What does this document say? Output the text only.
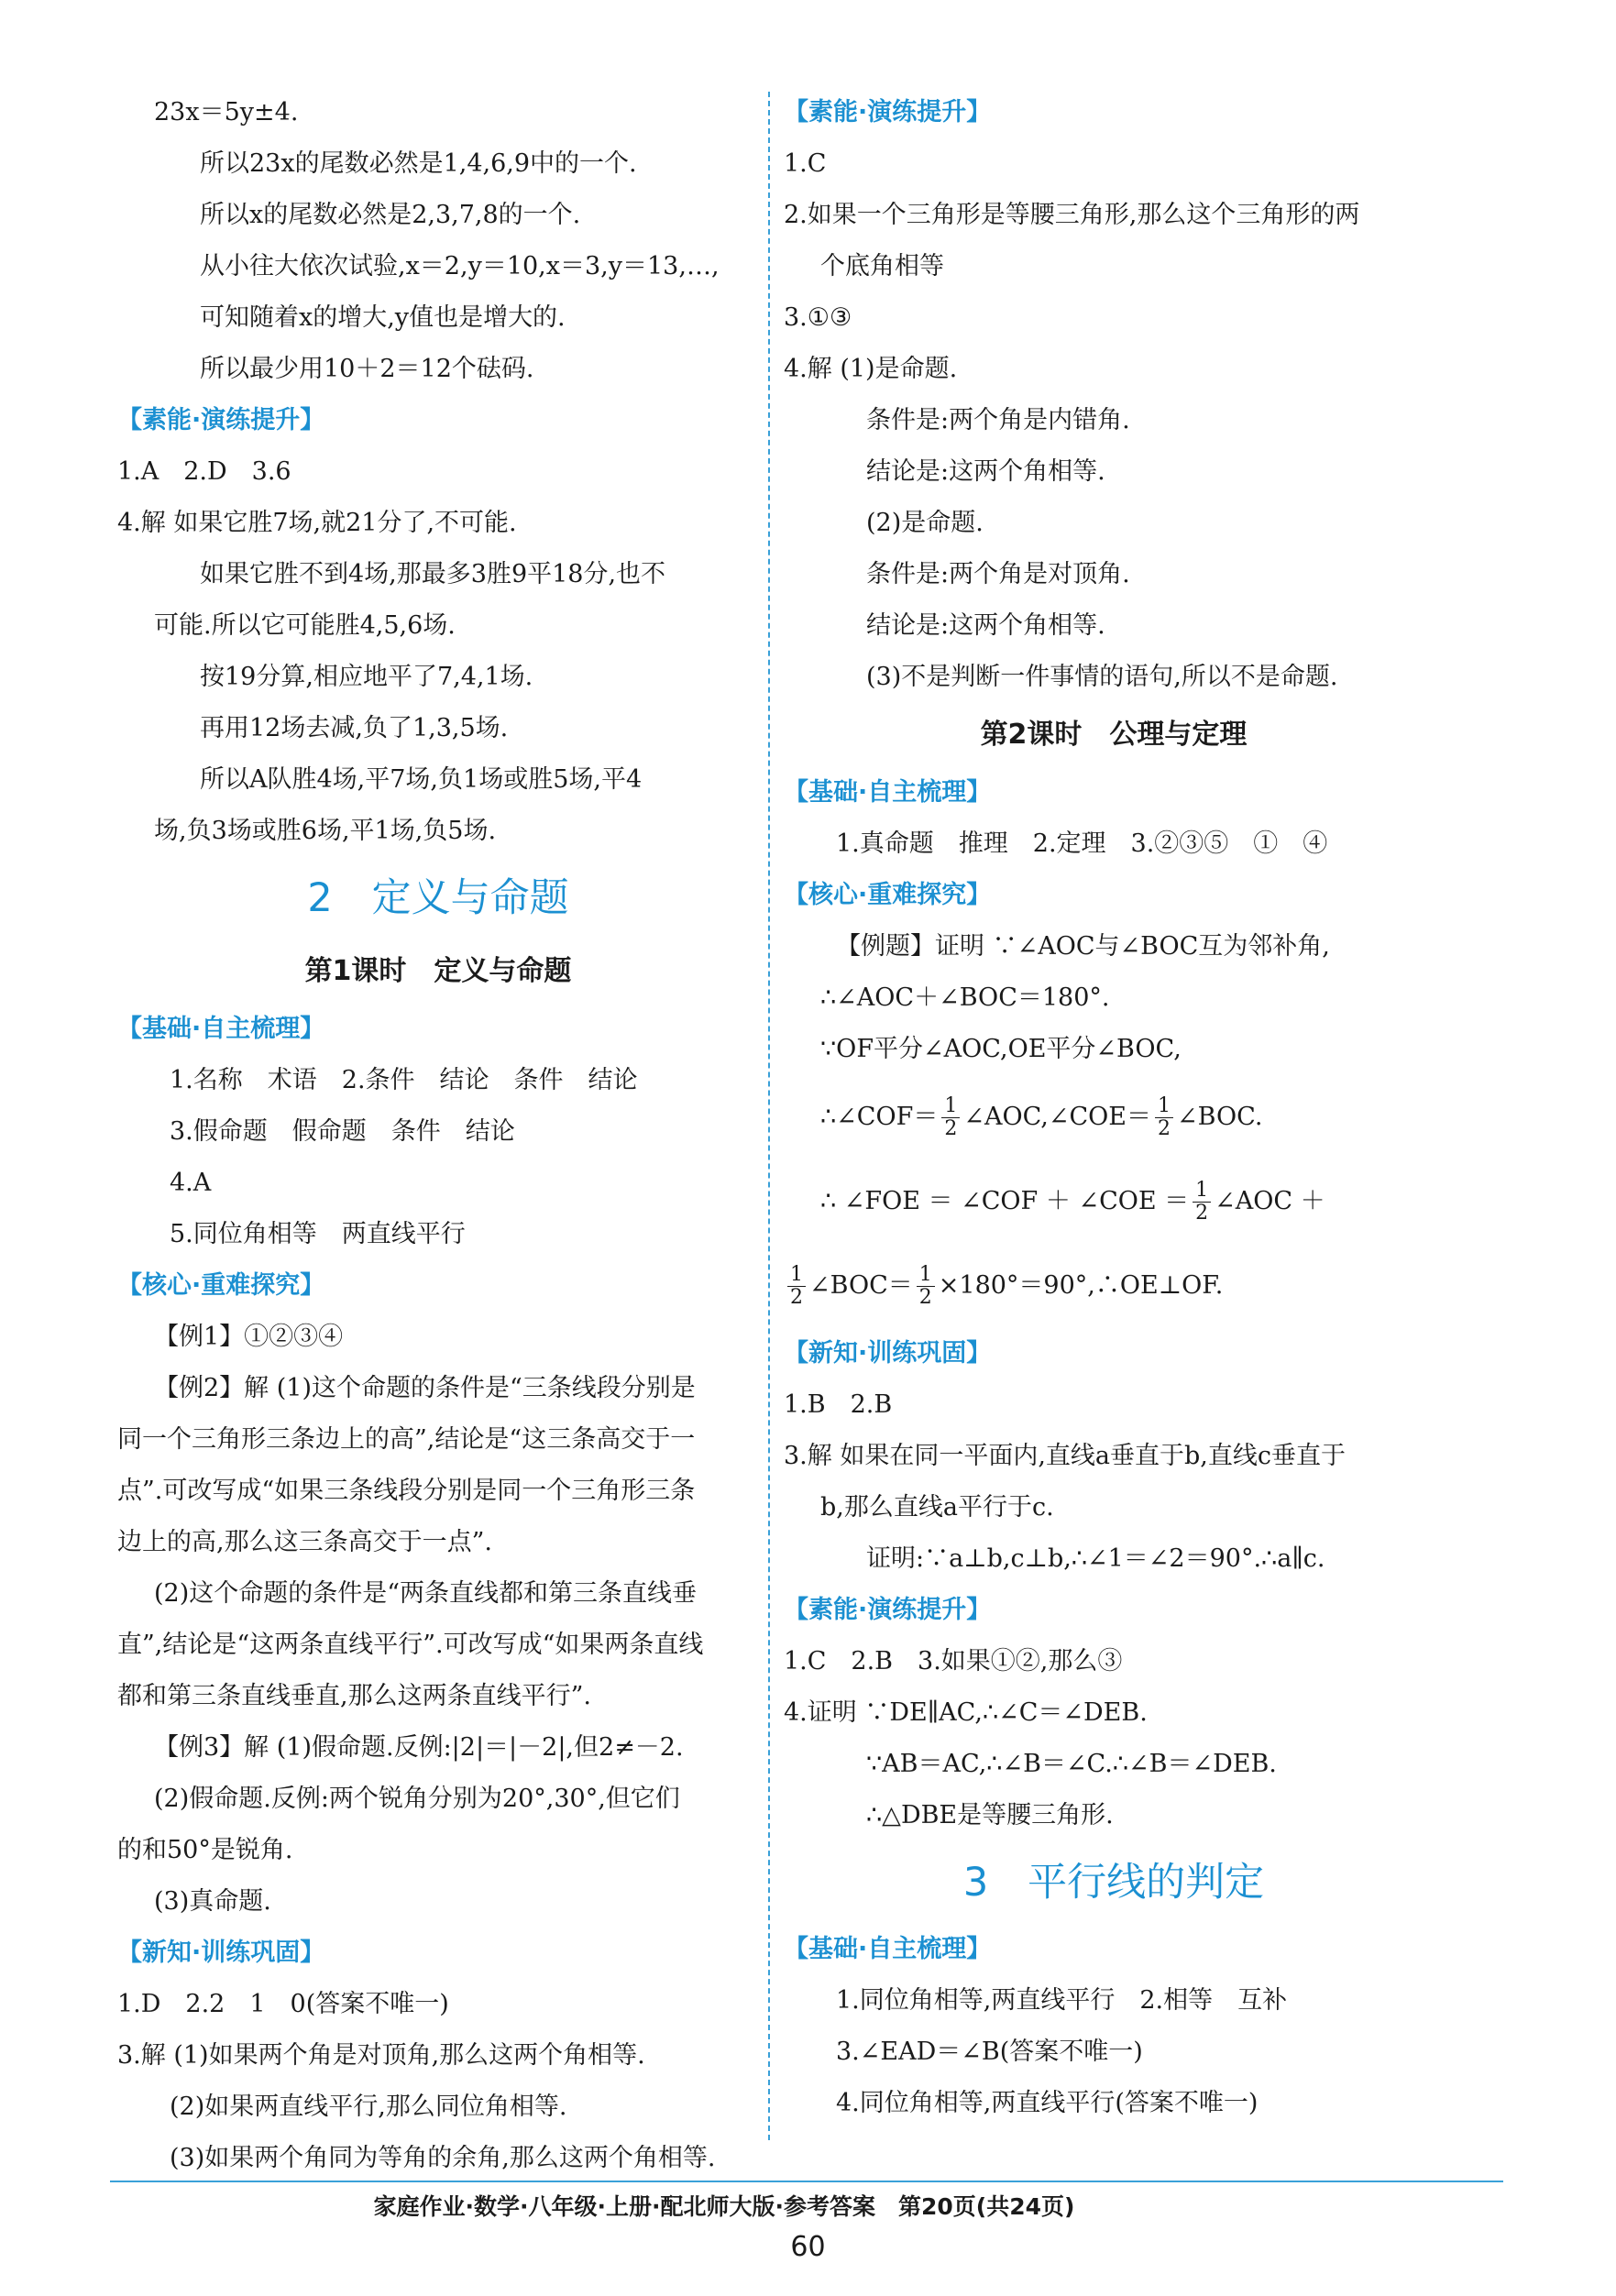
23x＝5y±4.
所以23x的尾数必然是1,4,6,9中的一个.
所以x的尾数必然是2,3,7,8的一个.
从小往大依次试验,x＝2,y＝10,x＝3,y＝13,…,
可知随着x的增大,y值也是增大的.
所以最少用10＋2＝12个砝码.
【素能·演练提升】
1.A　2.D　3.6
4.解 如果它胜7场,就21分了,不可能.
如果它胜不到4场,那最多3胜9平18分,也不
可能.所以它可能胜4,5,6场.
按19分算,相应地平了7,4,1场.
再用12场去减,负了1,3,5场.
所以A队胜4场,平7场,负1场或胜5场,平4
场,负3场或胜6场,平1场,负5场.
2　定义与命题
第1课时　定义与命题
【基础·自主梳理】
1.名称　术语　2.条件　结论　条件　结论
3.假命题　假命题　条件　结论
4.A
5.同位角相等　两直线平行
【核心·重难探究】
【例1】①②③④
【例2】解 (1)这个命题的条件是“三条线段分别是
同一个三角形三条边上的高”,结论是“这三条高交于一
点”.可改写成“如果三条线段分别是同一个三角形三条
边上的高,那么这三条高交于一点”.
(2)这个命题的条件是“两条直线都和第三条直线垂
直”,结论是“这两条直线平行”.可改写成“如果两条直线
都和第三条直线垂直,那么这两条直线平行”.
【例3】解 (1)假命题.反例:|2|＝|－2|,但2≠－2.
(2)假命题.反例:两个锐角分别为20°,30°,但它们
的和50°是锐角.
(3)真命题.
【新知·训练巩固】
1.D　2.2　1　0(答案不唯一)
3.解 (1)如果两个角是对顶角,那么这两个角相等.
(2)如果两直线平行,那么同位角相等.
(3)如果两个角同为等角的余角,那么这两个角相等.
【素能·演练提升】
1.C
2.如果一个三角形是等腰三角形,那么这个三角形的两
个底角相等
3.①③
4.解 (1)是命题.
条件是:两个角是内错角.
结论是:这两个角相等.
(2)是命题.
条件是:两个角是对顶角.
结论是:这两个角相等.
(3)不是判断一件事情的语句,所以不是命题.
第2课时　公理与定理
【基础·自主梳理】
1.真命题　推理　2.定理　3.②③⑤　①　④
【核心·重难探究】
【例题】证明 ∵∠AOC与∠BOC互为邻补角,
∴∠AOC＋∠BOC＝180°.
∵OF平分∠AOC,OE平分∠BOC,
∴∠COF＝ $\frac{1}{2}$ ∠AOC,∠COE＝ $\frac{1}{2}$ ∠BOC.
∴ ∠FOE ＝ ∠COF ＋ ∠COE ＝ $\frac{1}{2}$ ∠AOC ＋
$\frac{1}{2}$ ∠BOC＝ $\frac{1}{2}$ ×180°＝90°,∴OE⊥OF.
【新知·训练巩固】
1.B　2.B
3.解 如果在同一平面内,直线a垂直于b,直线c垂直于
b,那么直线a平行于c.
证明:∵a⊥b,c⊥b,∴∠1＝∠2＝90°.∴a∥c.
【素能·演练提升】
1.C　2.B　3.如果①②,那么③
4.证明 ∵DE∥AC,∴∠C＝∠DEB.
∵AB＝AC,∴∠B＝∠C.∴∠B＝∠DEB.
∴△DBE是等腰三角形.
3　平行线的判定
【基础·自主梳理】
1.同位角相等,两直线平行　2.相等　互补
3.∠EAD＝∠B(答案不唯一)
4.同位角相等,两直线平行(答案不唯一)
家庭作业·数学·八年级·上册·配北师大版·参考答案　第20页(共24页)
60
